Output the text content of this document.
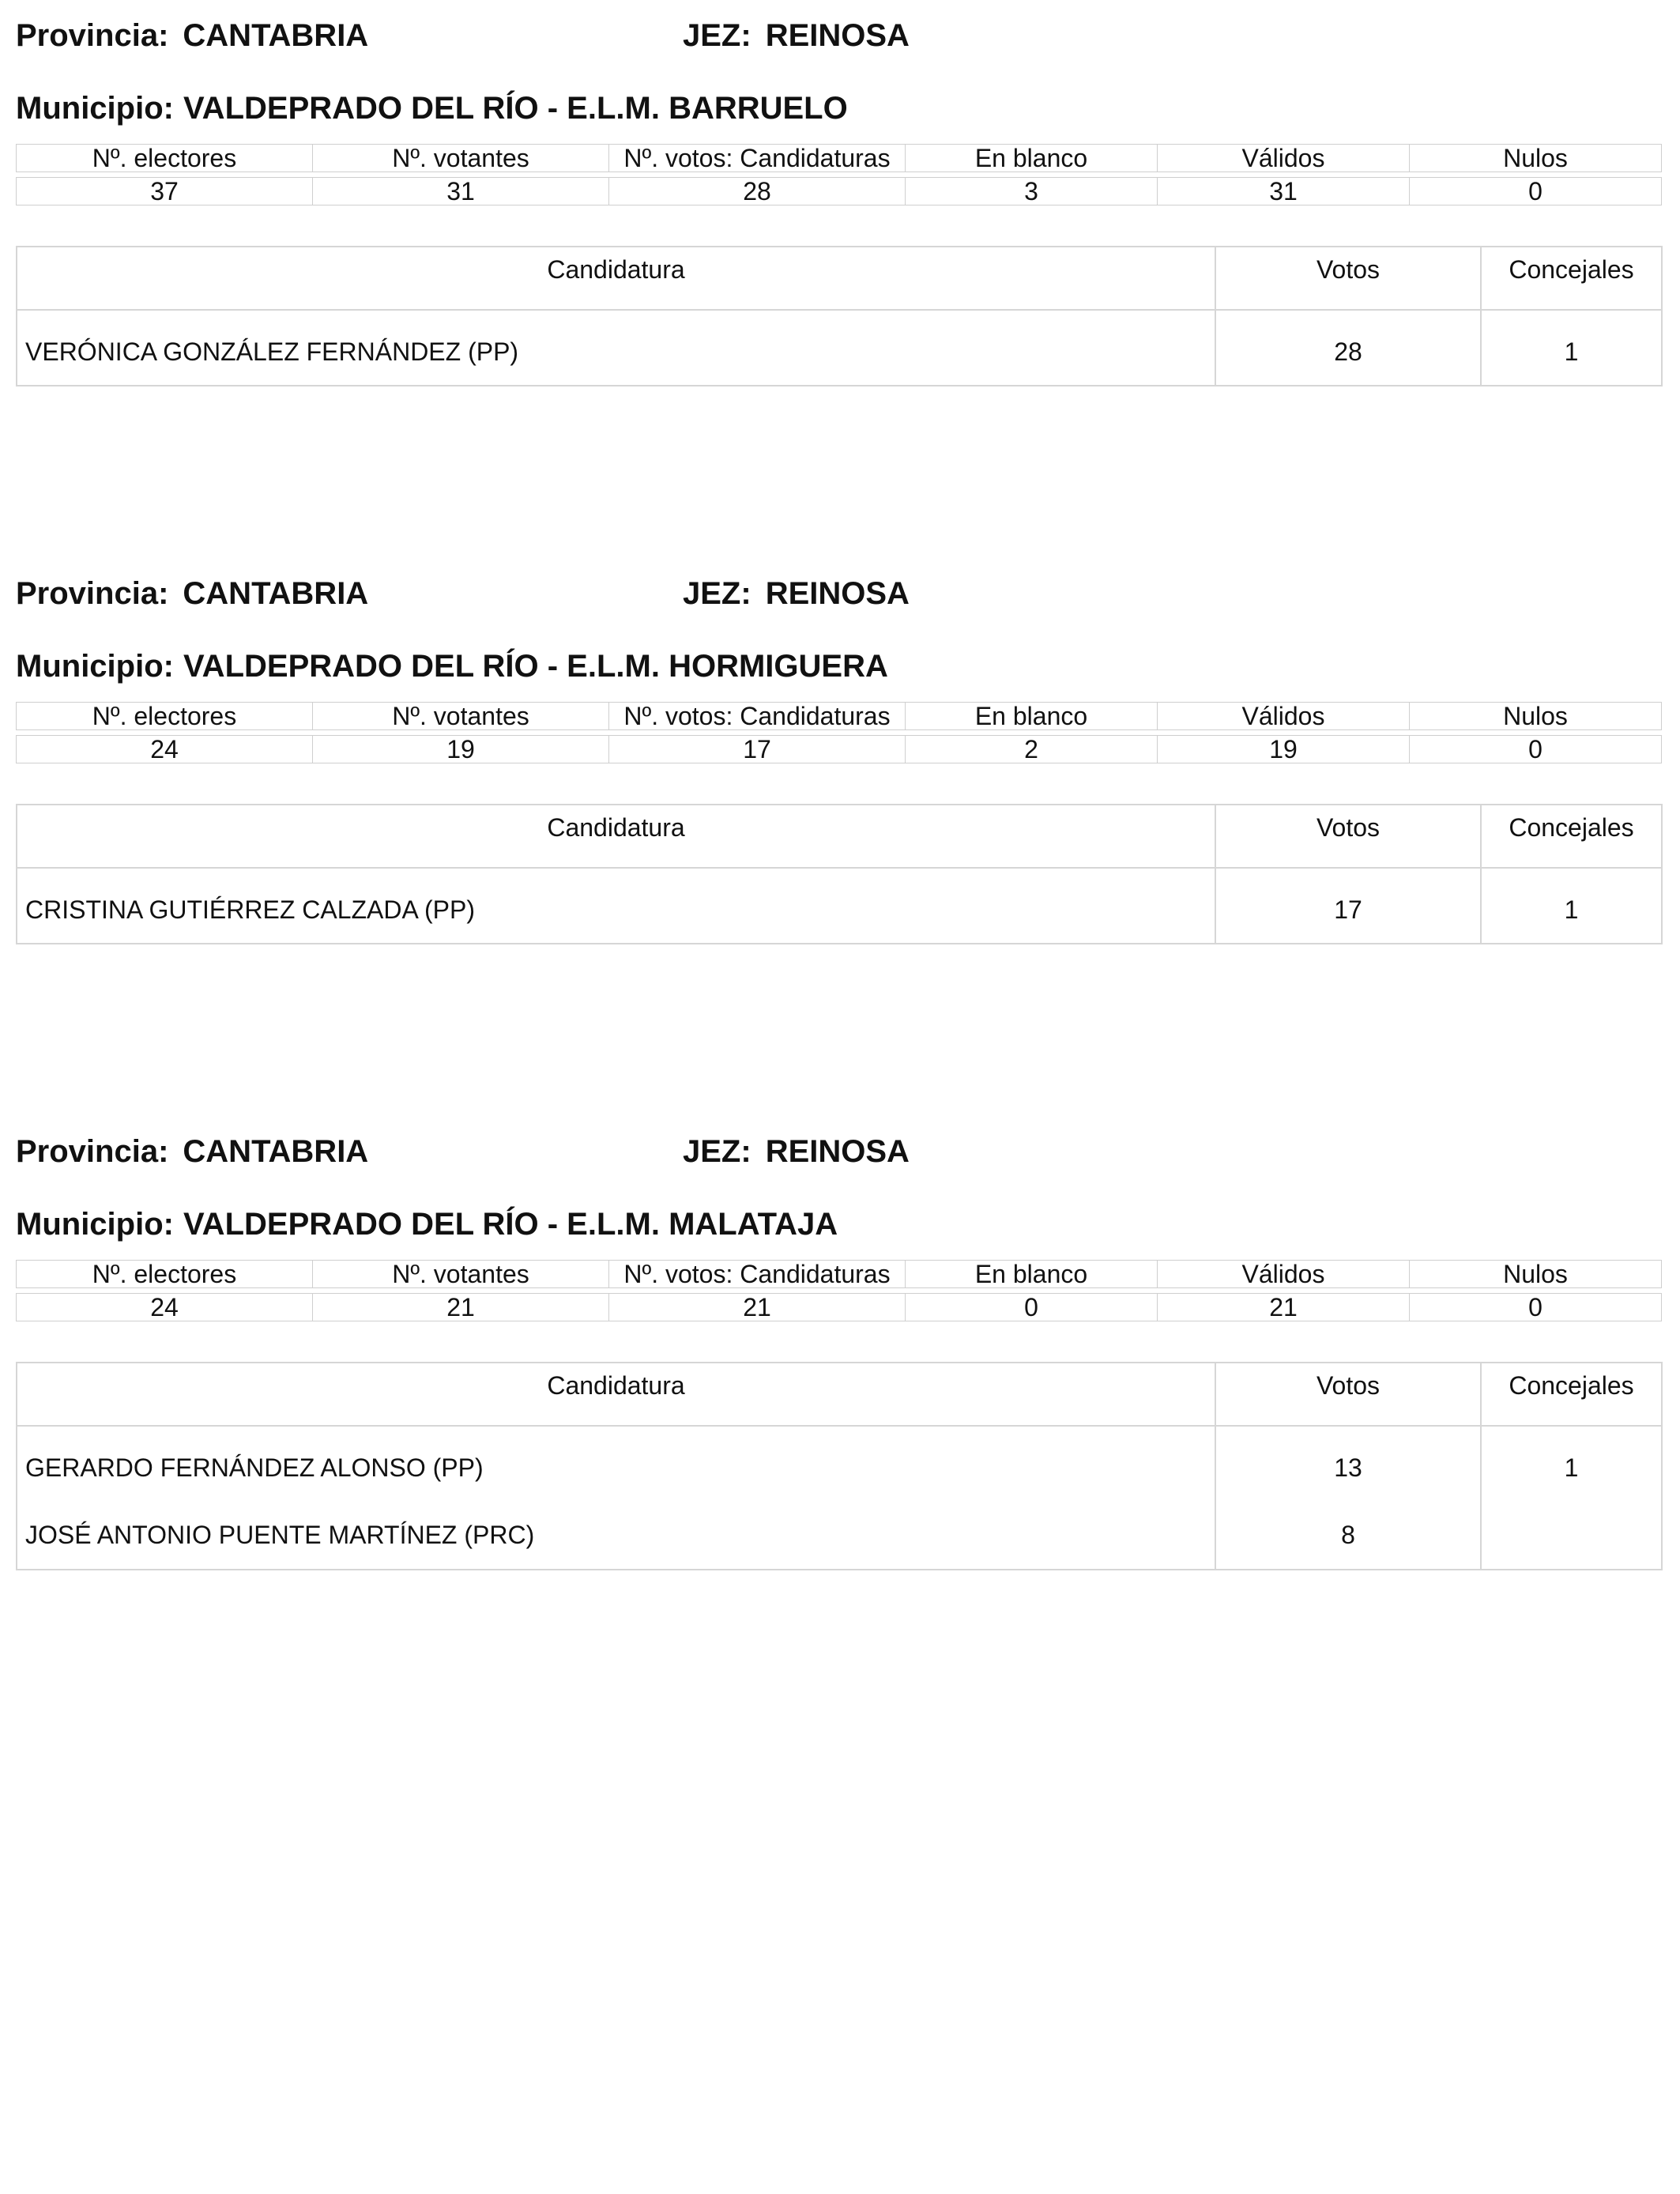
Provincia: CANTABRIA	JEZ: REINOSA
Municipio: VALDEPRADO DEL RÍO - E.L.M. BARRUELO
Nº. electores	Nº. votantes	Nº. votos: Candidaturas	En blanco	Válidos	Nulos

37	31	28	3	31	0
Candidatura	Votos	Concejales
VERÓNICA GONZÁLEZ FERNÁNDEZ (PP)	28	1
Provincia: CANTABRIA	JEZ: REINOSA
Municipio: VALDEPRADO DEL RÍO - E.L.M. HORMIGUERA
Nº. electores	Nº. votantes	Nº. votos: Candidaturas	En blanco	Válidos	Nulos

24	19	17	2	19	0
Candidatura	Votos	Concejales
CRISTINA GUTIÉRREZ CALZADA (PP)	17	1
Provincia: CANTABRIA	JEZ: REINOSA
Municipio: VALDEPRADO DEL RÍO - E.L.M. MALATAJA
Nº. electores	Nº. votantes	Nº. votos: Candidaturas	En blanco	Válidos	Nulos

24	21	21	0	21	0
Candidatura	Votos	Concejales
GERARDO FERNÁNDEZ ALONSO (PP)	13	1
JOSÉ ANTONIO PUENTE MARTÍNEZ (PRC)	8	
